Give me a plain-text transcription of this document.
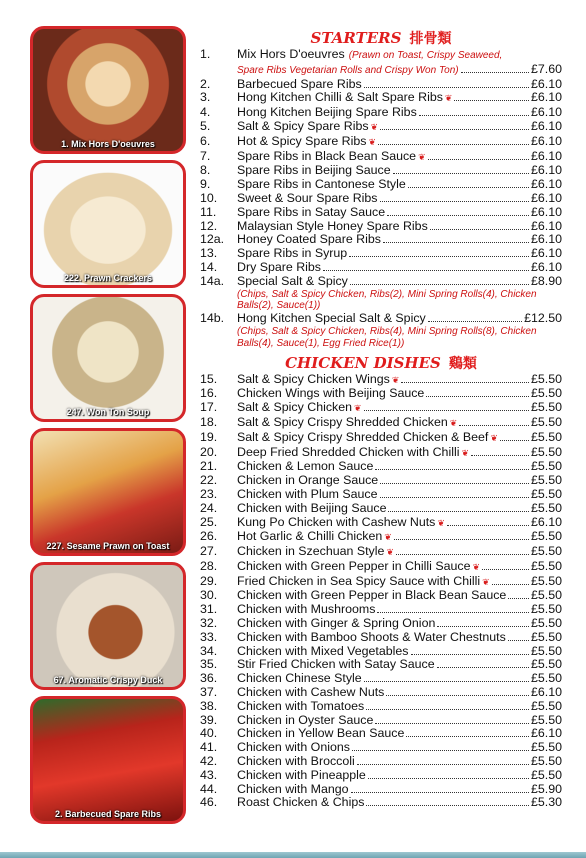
1. Mix Hors D'oeuvres
222. Prawn Crackers
247. Won Ton Soup
227. Sesame Prawn on Toast
67. Aromatic Crispy Duck
2. Barbecued Spare Ribs
STARTERS 排骨類
1.	Mix Hors D'oeuvres (Prawn on Toast, Crispy Seaweed,
Spare Ribs Vegetarian Rolls and Crispy Won Ton)	£7.60
2.	Barbecued Spare Ribs	£6.10
3.	Hong Kitchen Chilli & Salt Spare Ribs ❦	£6.10
4.	Hong Kitchen Beijing Spare Ribs	£6.10
5.	Salt & Spicy Spare Ribs ❦	£6.10
6.	Hot & Spicy Spare Ribs ❦	£6.10
7.	Spare Ribs in Black Bean Sauce ❦	£6.10
8.	Spare Ribs in Beijing Sauce	£6.10
9.	Spare Ribs in Cantonese Style	£6.10
10.	Sweet & Sour Spare Ribs	£6.10
11.	Spare Ribs in Satay Sauce	£6.10
12.	Malaysian Style Honey Spare Ribs	£6.10
12a.	Honey Coated Spare Ribs	£6.10
13.	Spare Ribs in Syrup	£6.10
14.	Dry Spare Ribs	£6.10
14a.	Special Salt & Spicy	£8.90
(Chips, Salt & Spicy Chicken, Ribs(2), Mini Spring Rolls(4), Chicken Balls(2), Sauce(1))
14b.	Hong Kitchen Special Salt & Spicy	£12.50
(Chips, Salt & Spicy Chicken, Ribs(4), Mini Spring Rolls(8), Chicken Balls(4), Sauce(1), Egg Fried Rice(1))
CHICKEN DISHES 鷄類
15.	Salt & Spicy Chicken Wings ❦	£5.50
16.	Chicken Wings with Beijing Sauce	£5.50
17.	Salt & Spicy Chicken ❦	£5.50
18.	Salt & Spicy Crispy Shredded Chicken ❦	£5.50
19.	Salt & Spicy Crispy Shredded Chicken & Beef ❦	£5.50
20.	Deep Fried Shredded Chicken with Chilli ❦	£5.50
21.	Chicken & Lemon Sauce	£5.50
22.	Chicken in Orange Sauce	£5.50
23.	Chicken with Plum Sauce	£5.50
24.	Chicken with Beijing Sauce	£5.50
25.	Kung Po Chicken with Cashew Nuts ❦	£6.10
26.	Hot Garlic & Chilli Chicken ❦	£5.50
27.	Chicken in Szechuan Style ❦	£5.50
28.	Chicken with Green Pepper in Chilli Sauce ❦	£5.50
29.	Fried Chicken in Sea Spicy Sauce with Chilli ❦	£5.50
30.	Chicken with Green Pepper in Black Bean Sauce £5.50
31.	Chicken with Mushrooms	£5.50
32.	Chicken with Ginger & Spring Onion	£5.50
33.	Chicken with Bamboo Shoots & Water Chestnuts £5.50
34.	Chicken with Mixed Vegetables	£5.50
35.	Stir Fried Chicken with Satay Sauce	£5.50
36.	Chicken Chinese Style	£5.50
37.	Chicken with Cashew Nuts	£6.10
38.	Chicken with Tomatoes	£5.50
39.	Chicken in Oyster Sauce	£5.50
40.	Chicken in Yellow Bean Sauce	£6.10
41.	Chicken with Onions	£5.50
42.	Chicken with Broccoli	£5.50
43.	Chicken with Pineapple	£5.50
44.	Chicken with Mango	£5.90
46.	Roast Chicken & Chips	£5.30
